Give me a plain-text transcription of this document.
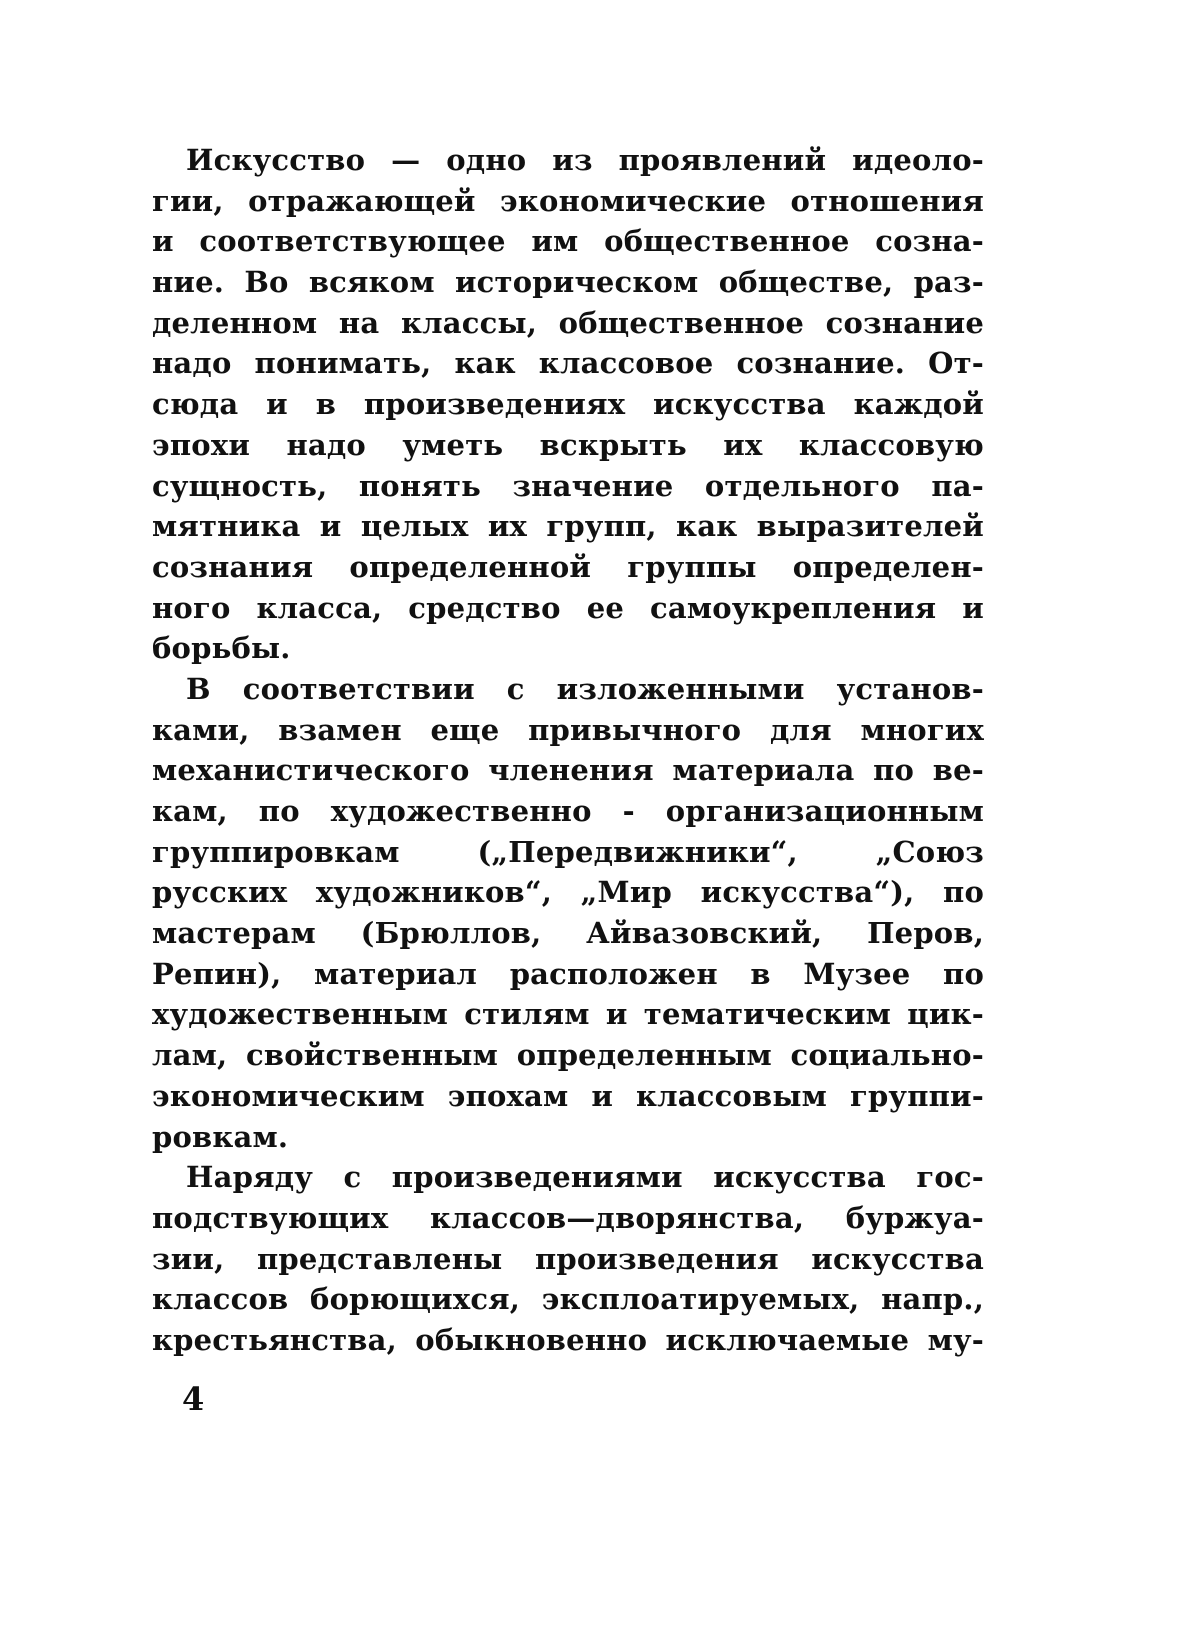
Искусство — одно из проявлений идеоло-
гии, отражающей экономические отношения
и соответствующее им общественное созна-
ние. Во всяком историческом обществе, раз-
деленном на классы, общественное сознание
надо понимать, как классовое сознание. От-
сюда и в произведениях искусства каждой
эпохи надо уметь вскрыть их классовую
сущность, понять значение отдельного па-
мятника и целых их групп, как выразителей
сознания определенной группы определен-
ного класса, средство ее самоукрепления и
борьбы.
В соответствии с изложенными установ-
ками, взамен еще привычного для многих
механистического членения материала по ве-
кам, по художественно - организационным
группировкам („Передвижники“, „Союз
русских художников“, „Мир искусства“), по
мастерам (Брюллов, Айвазовский, Перов,
Репин), материал расположен в Музее по
художественным стилям и тематическим цик-
лам, свойственным определенным социально-
экономическим эпохам и классовым группи-
ровкам.
Наряду с произведениями искусства гос-
подствующих классов—дворянства, буржуа-
зии, представлены произведения искусства
классов борющихся, эксплоатируемых, напр.,
крестьянства, обыкновенно исключаемые му-
4
